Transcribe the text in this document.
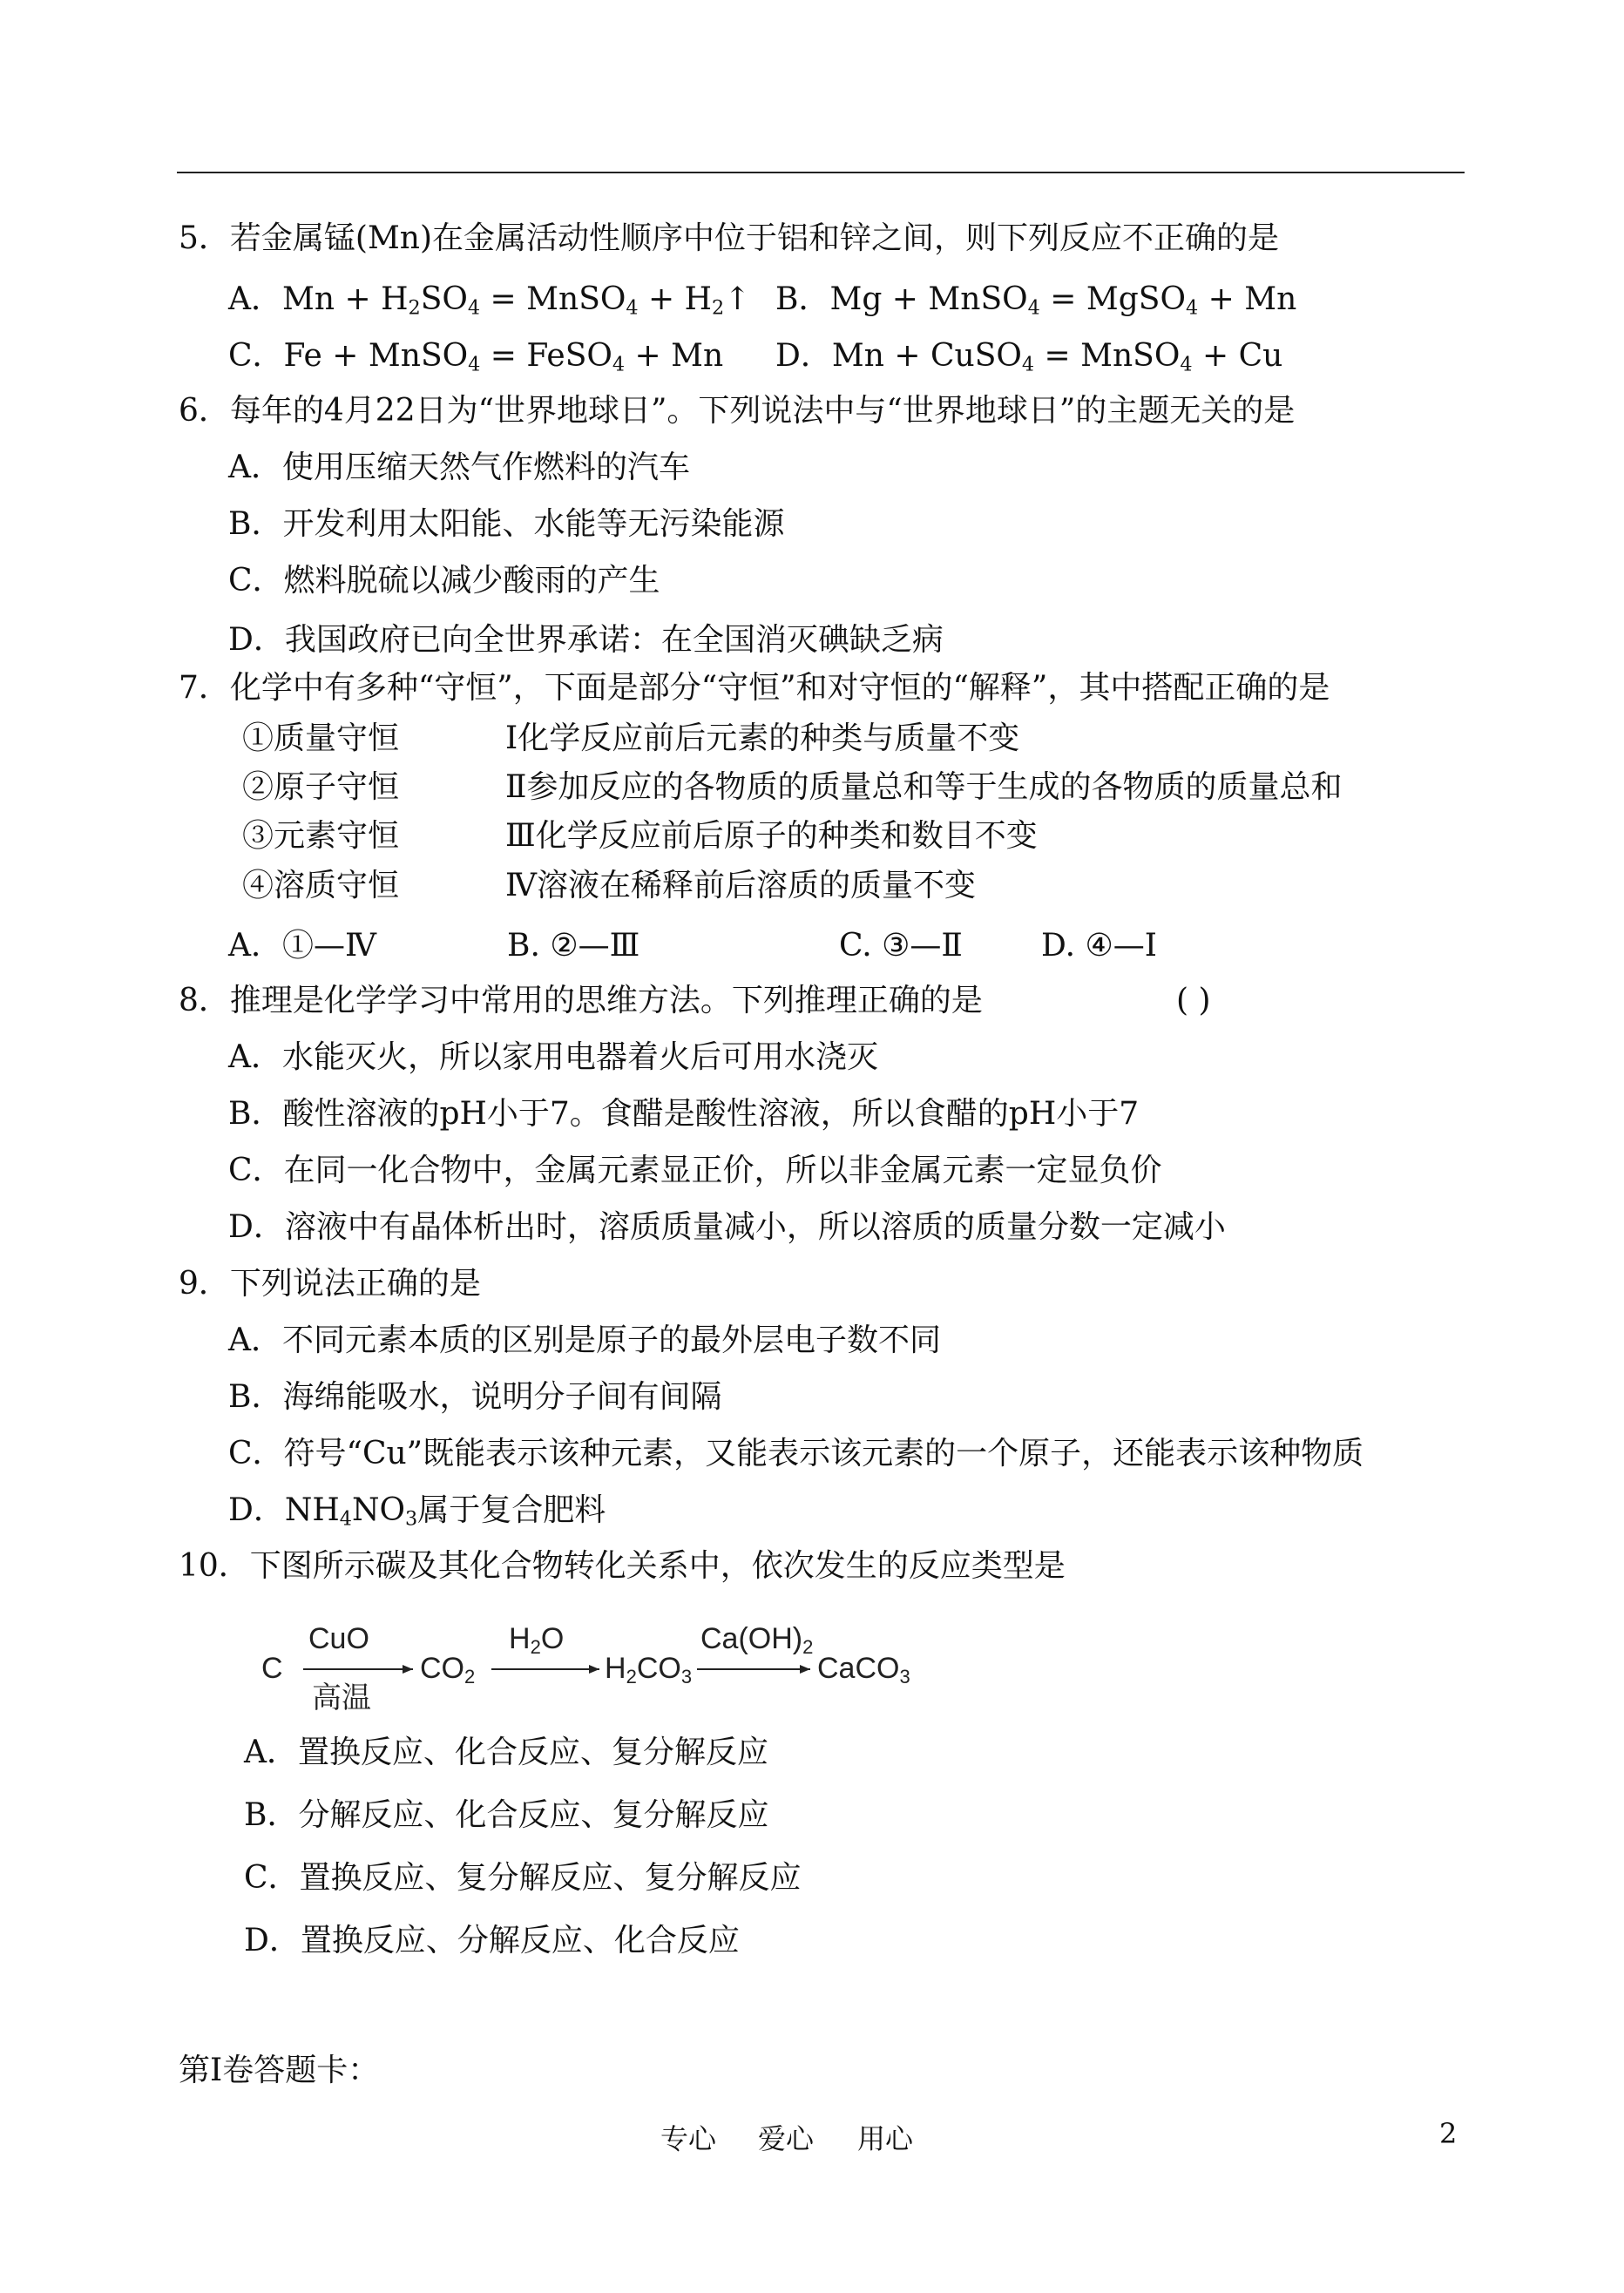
5．若金属锰(Mn)在金属活动性顺序中位于铝和锌之间，则下列反应不正确的是
A．$Mn + H_2SO_4$ = MnSO$_4$ + $H_2↑$ B．Mg + MnSO$_4$ = MgSO$_4$ + Mn
C．Fe + MnSO$_4$ = FeSO$_4$ + Mn D．Mn + CuSO$_4$ = MnSO$_4$ + Cu
6．每年的4月22日为“世界地球日”。下列说法中与“世界地球日”的主题无关的是
A．使用压缩天然气作燃料的汽车
B．开发利用太阳能、水能等无污染能源
C．燃料脱硫以减少酸雨的产生
D．我国政府已向全世界承诺：在全国消灭碘缺乏病
7．化学中有多种“守恒”，下面是部分“守恒”和对守恒的“解释”，其中搭配正确的是
①质量守恒	Ⅰ化学反应前后元素的种类与质量不变
②原子守恒	Ⅱ参加反应的各物质的质量总和等于生成的各物质的质量总和
③元素守恒	Ⅲ化学反应前后原子的种类和数目不变
④溶质守恒	Ⅳ溶液在稀释前后溶质的质量不变
A．①—Ⅳ	B. ②—Ⅲ	C. ③—Ⅱ	D. ④—Ⅰ
8．推理是化学学习中常用的思维方法。下列推理正确的是	( )
A．水能灭火，所以家用电器着火后可用水浇灭
B．酸性溶液的pH小于7。食醋是酸性溶液，所以食醋的pH小于7
C．在同一化合物中，金属元素显正价，所以非金属元素一定显负价
D．溶液中有晶体析出时，溶质质量减小，所以溶质的质量分数一定减小
9．下列说法正确的是
A．不同元素本质的区别是原子的最外层电子数不同
B．海绵能吸水，说明分子间有间隔
C．符号“Cu”既能表示该种元素，又能表示该元素的一个原子，还能表示该种物质
D．$NH_4NO_3$属于复合肥料
10．下图所示碳及其化合物转化关系中，依次发生的反应类型是
C
CuO
高温
CO2
H2O
H2CO3
Ca(OH)2
CaCO3
A．置换反应、化合反应、复分解反应
B．分解反应、化合反应、复分解反应
C．置换反应、复分解反应、复分解反应
D．置换反应、分解反应、化合反应
第Ⅰ卷答题卡：
专心 爱心 用心	2
